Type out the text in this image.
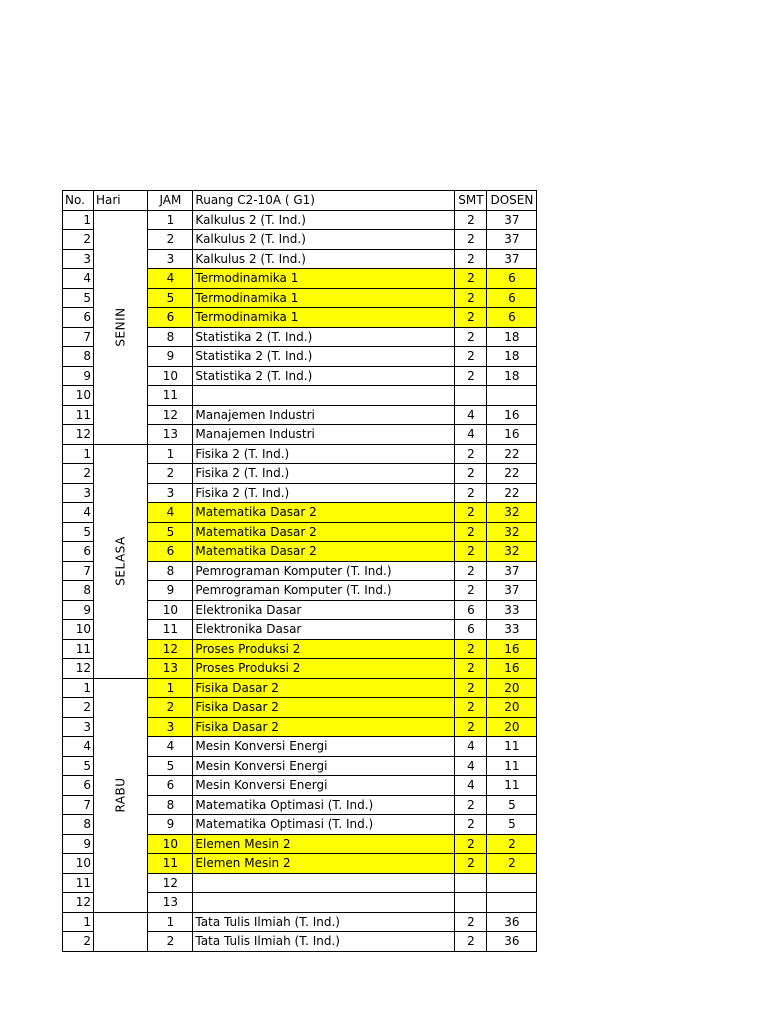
No.	Hari	JAM	Ruang C2-10A ( G1)	SMT	DOSEN
1	SENIN	1	Kalkulus 2 (T. Ind.)	2	37
2		2	Kalkulus 2 (T. Ind.)	2	37
3		3	Kalkulus 2 (T. Ind.)	2	37
4		4	Termodinamika 1	2	6
5		5	Termodinamika 1	2	6
6		6	Termodinamika 1	2	6
7		8	Statistika 2 (T. Ind.)	2	18
8		9	Statistika 2 (T. Ind.)	2	18
9		10	Statistika 2 (T. Ind.)	2	18
10		11			
11		12	Manajemen Industri	4	16
12		13	Manajemen Industri	4	16
1	SELASA	1	Fisika 2 (T. Ind.)	2	22
2		2	Fisika 2 (T. Ind.)	2	22
3		3	Fisika 2 (T. Ind.)	2	22
4		4	Matematika Dasar 2	2	32
5		5	Matematika Dasar 2	2	32
6		6	Matematika Dasar 2	2	32
7		8	Pemrograman Komputer (T. Ind.)	2	37
8		9	Pemrograman Komputer (T. Ind.)	2	37
9		10	Elektronika Dasar	6	33
10		11	Elektronika Dasar	6	33
11		12	Proses Produksi 2	2	16
12		13	Proses Produksi 2	2	16
1	RABU	1	Fisika Dasar 2	2	20
2		2	Fisika Dasar 2	2	20
3		3	Fisika Dasar 2	2	20
4		4	Mesin Konversi Energi	4	11
5		5	Mesin Konversi Energi	4	11
6		6	Mesin Konversi Energi	4	11
7		8	Matematika Optimasi (T. Ind.)	2	5
8		9	Matematika Optimasi (T. Ind.)	2	5
9		10	Elemen Mesin 2	2	2
10		11	Elemen Mesin 2	2	2
11		12			
12		13			
1		1	Tata Tulis Ilmiah (T. Ind.)	2	36
2		2	Tata Tulis Ilmiah (T. Ind.)	2	36
